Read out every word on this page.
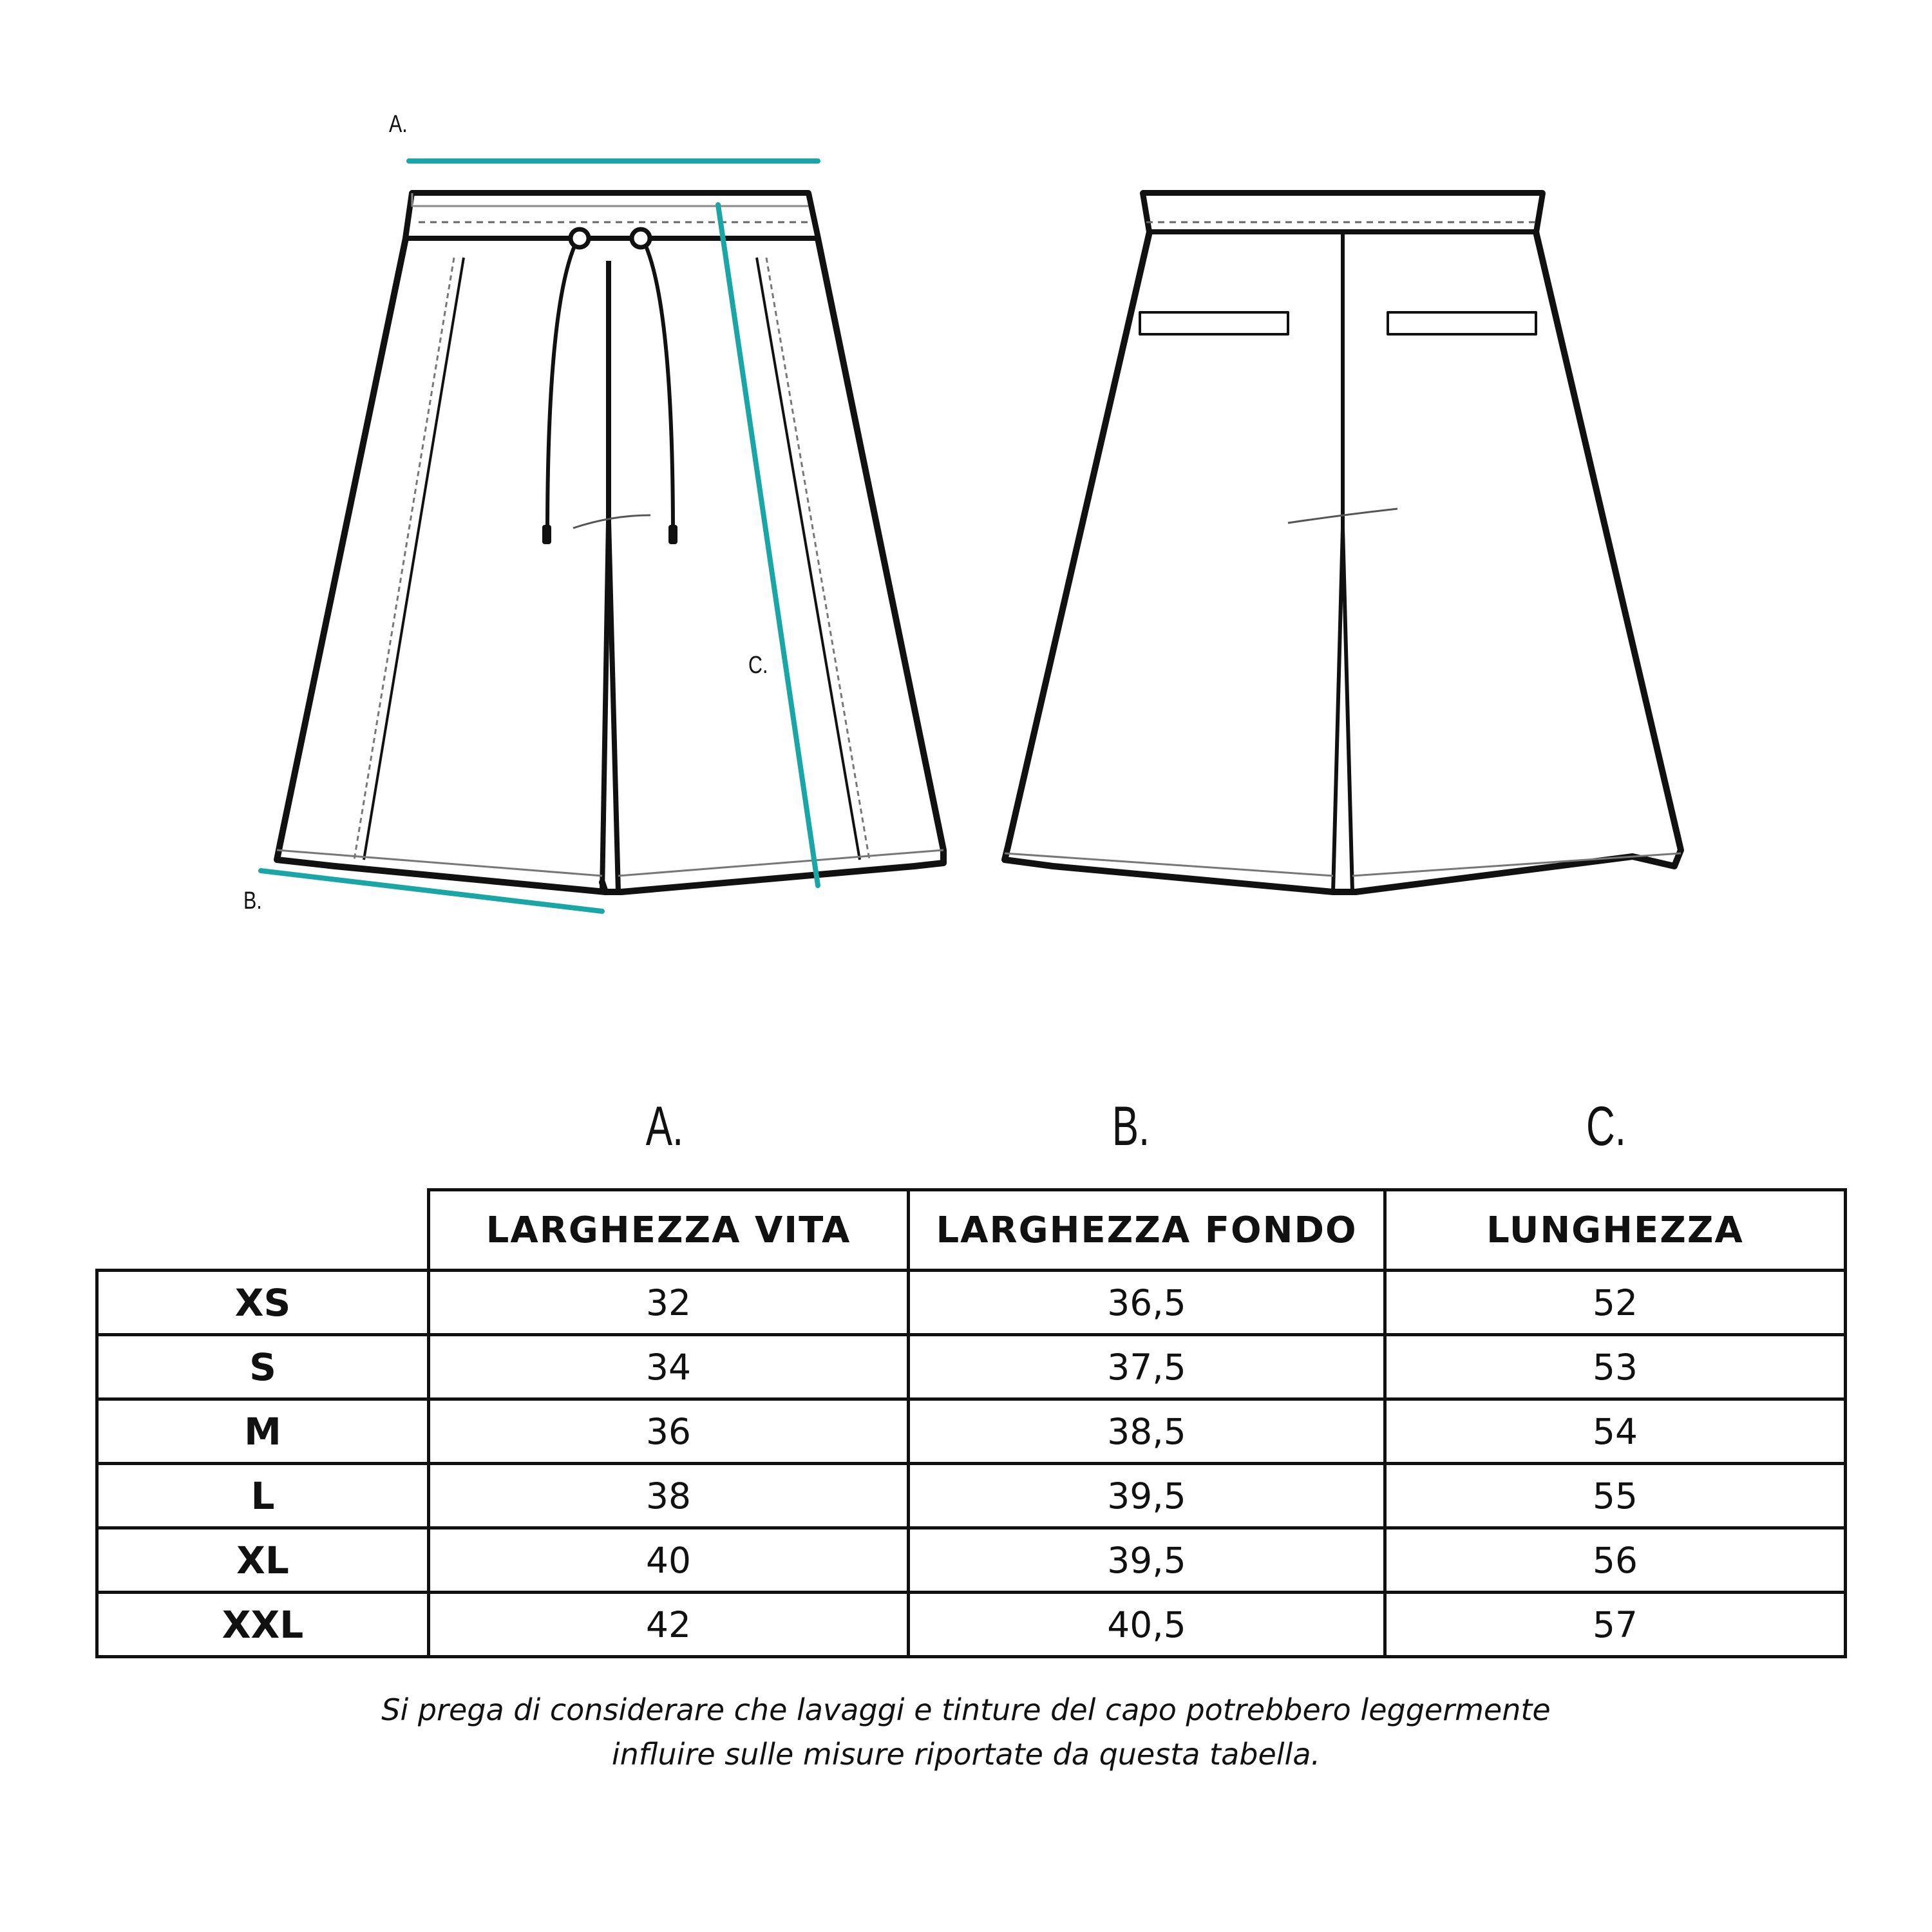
A.
B.
C.
A.	B.	C.
	LARGHEZZA VITA	LARGHEZZA FONDO	LUNGHEZZA
XS	32	36,5	52
S	34	37,5	53
M	36	38,5	54
L	38	39,5	55
XL	40	39,5	56
XXL	42	40,5	57
Si prega di considerare che lavaggi e tinture del capo potrebbero leggermente
influire sulle misure riportate da questa tabella.
